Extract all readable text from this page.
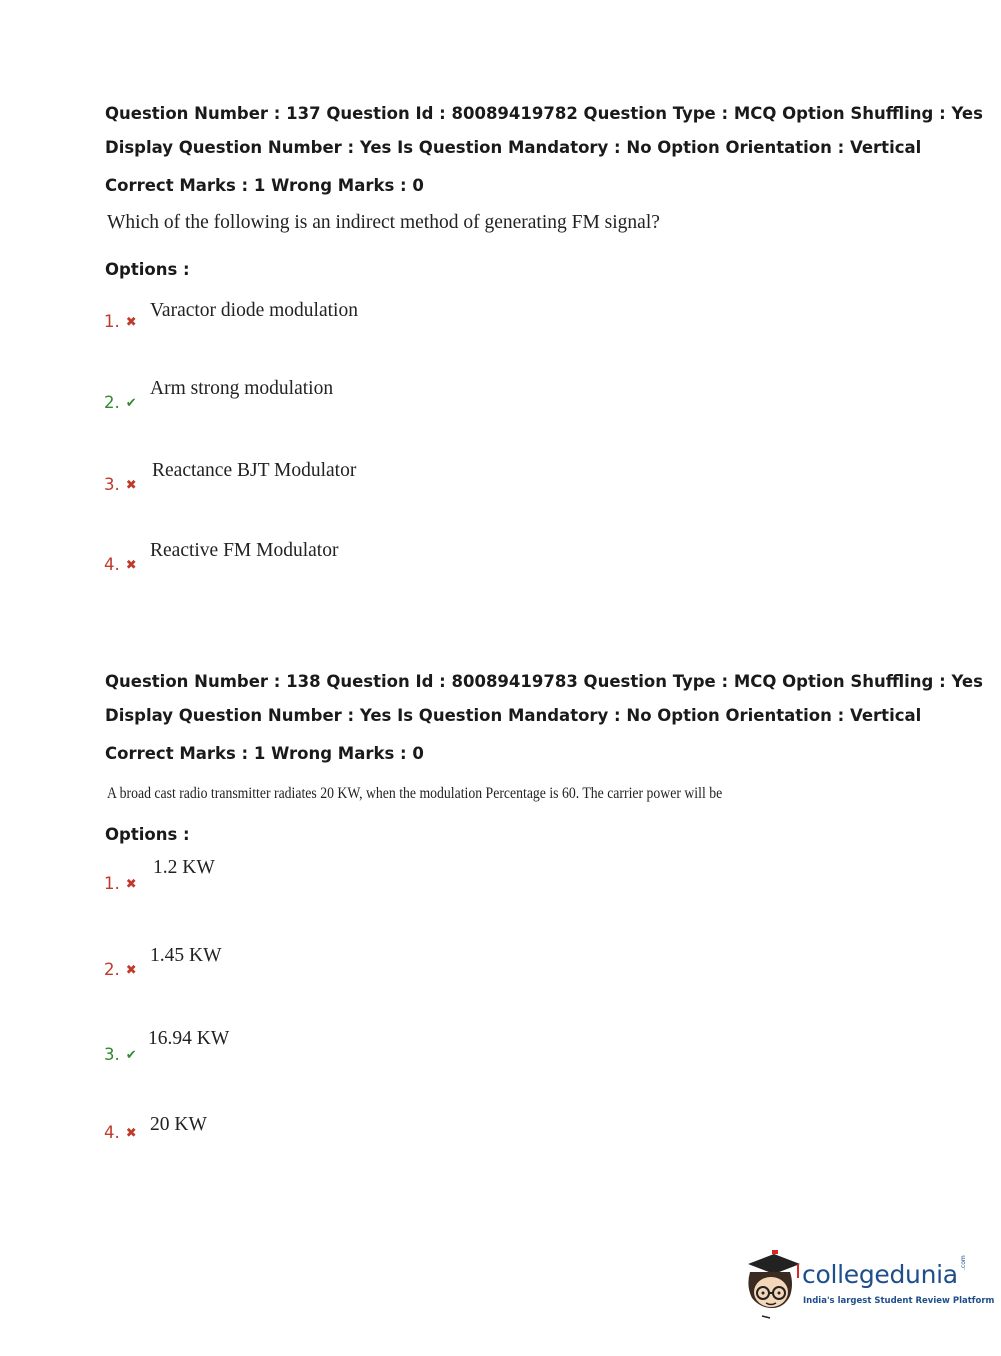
Question Number : 137 Question Id : 80089419782 Question Type : MCQ Option Shuffling : Yes
Display Question Number : Yes Is Question Mandatory : No Option Orientation : Vertical
Correct Marks : 1 Wrong Marks : 0
Which of the following is an indirect method of generating FM signal?
Options :
1. ✖
Varactor diode modulation
2. ✔
Arm strong modulation
3. ✖
Reactance BJT Modulator
4. ✖
Reactive FM Modulator
Question Number : 138 Question Id : 80089419783 Question Type : MCQ Option Shuffling : Yes
Display Question Number : Yes Is Question Mandatory : No Option Orientation : Vertical
Correct Marks : 1 Wrong Marks : 0
A broad cast radio transmitter radiates 20 KW, when the modulation Percentage is 60. The carrier power will be
Options :
1. ✖
1.2 KW
2. ✖
1.45 KW
3. ✔
16.94 KW
4. ✖ 20 KW
collegedunia .com
India's largest Student Review Platform
